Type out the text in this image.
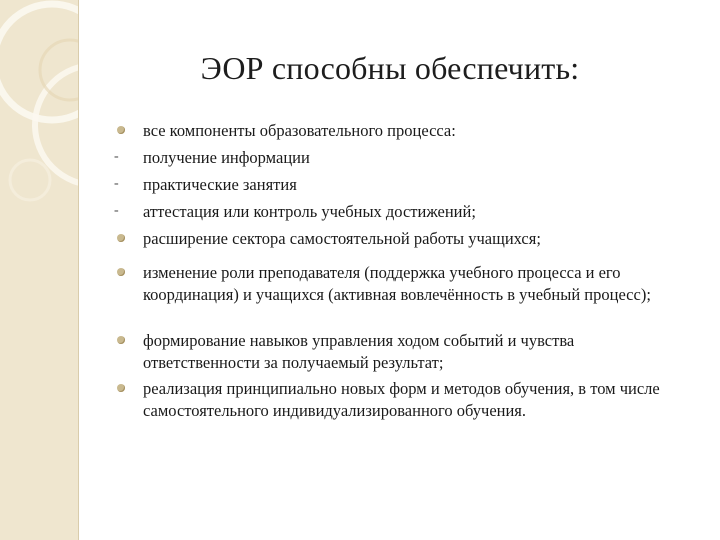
ЭОР способны обеспечить:
все компоненты образовательного процесса:
-	получение информации
-	практические занятия
-	аттестация или контроль учебных достижений;
расширение сектора самостоятельной работы учащихся;
изменение роли преподавателя (поддержка учебного процесса и его координация) и учащихся (активная вовлечённость в учебный процесс);
формирование навыков управления ходом событий и чувства ответственности за получаемый результат;
реализация принципиально новых форм и методов обучения, в том числе самостоятельного индивидуализированного обучения.
